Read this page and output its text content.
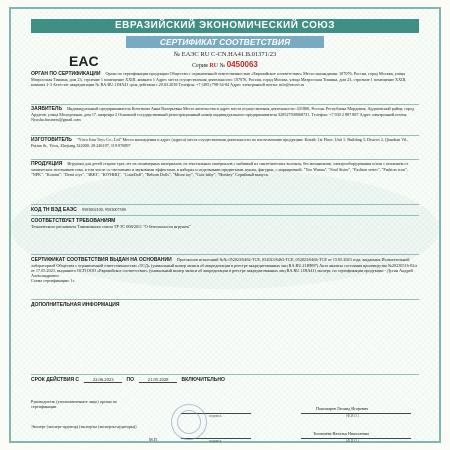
ЕВРАЗИЙСКИЙ ЭКОНОМИЧЕСКИЙ СОЮЗ
СЕРТИФИКАТ СООТВЕТСТВИЯ
EAC	№ ЕАЭС RU С-CN.HA41.B.01371/23
Серия RU № 0450063
ОРГАН ПО СЕРТИФИКАЦИИ Орган по сертификации продукции Общество с ограниченной ответственностью «Евразийское соответствие» Место нахождения: 107076, Россия, город Москва, улица Матросская Тишина, дом 23, строение 1 помещение XXIII, комната 1 Адрес места осуществления деятельности: 107076, Россия, город Москва, улица Матросская Тишина, дом 23, строение 1 помещение XXIII, комната 1-3 Аттестат аккредитации № RA.RU.11HA41 срок действия с 20.03.2018 Телефон: +7 (495) 798-34-84 Адрес электронной почты: info@eacert.ru
ЗАЯВИТЕЛЬ Индивидуальный предприниматель Кочеткова Анна Валерьевна Место жительства и адрес места осуществления деятельности: 431860, Россия, Республика Мордовия, Ардатовский район, город Ардатов, улица Молодежная, дом 17, квартира 2 Основной государственный регистрационный номер индивидуального предпринимателя 320527500068731. Телефон: +7 930 2 887 887 Адрес электронной почты: Nyusha.business@gmail.com
ИЗГОТОВИТЕЛЬ "Yiwu Jinu Toys Co., Ltd" Место нахождения и адрес (адреса) места осуществления деятельности по изготовлению продукции: Китай, 1st Floor, Unit 1, Building 5, District 2, Qiandian Vil., Futian St., Yiwu, Zhejiang 322000, 29.246107, 119.976897
ПРОДУКЦИЯ Игрушки для детей старше трех лет из полимерных материалов, из текстильных материалов с набивкой из синтетических волокон, без механизмов, электрооборудования и/или с питанием от химических источников тока, в том числе со световыми и звуковыми эффектами, в наборах и отдельными предметами: куклы, фигурки, с маркировкой: "Yoo Wanna", "Soul Sister", "Fashion series", "Fashion icon", "NPK", "Kotomi", "Demi toys", "ЗВЕЗ", "ЮУНИЦ", "CutieDoll", "Bebom Dolls", "Mioni toy", "Cute baby", "Honkey" Серийный выпуск.
КОД ТН ВЭД ЕАЭС 9503002100, 9503007500
СООТВЕТСТВУЕТ ТРЕБОВАНИЯМ
Технического регламента Таможенного союза ТР ТС 008/2011 "О безопасности игрушек"
СЕРТИФИКАТ СООТВЕТСТВИЯ ВЫДАН НА ОСНОВАНИИ Протоколов испытаний №№ 052023/6462-ТСЕ, 052023/6463-ТСЕ, 052023/6464-ТСЕ от 15.05.2023 года, выданных Испытательной лабораторией Общества с ограниченной ответственностью «ТСД» (уникальный номер записи об аккредитации в реестре аккредитованных лиц RA.RU.21ИН97) Акта анализа состояния производства №20230516-02/а от 17.05.2023, выданного ОСП ООО «Евразийское соответствие» (уникальный номер записи об аккредитации в реестре аккредитованных лиц RA.RU.11HA41) эксперт, по сертификации продукции - Дугин Андрей Александрович
Схема сертификации: 1с
ДОПОЛНИТЕЛЬНАЯ ИНФОРМАЦИЯ
СРОК ДЕЙСТВИЯ С	22.06.2023	ПО	21.05.2028	ВКЛЮЧИТЕЛЬНО
Руководитель (уполномоченное лицо) органа по сертификации
подпись
Пономарев Леонид Игоревич
(Ф.И.О.)
Эксперт (эксперт-аудитор) (эксперты (эксперты-аудиторы))
подпись
Толмачёва Наталья Николаевна
(Ф.И.О.)
М.П.
